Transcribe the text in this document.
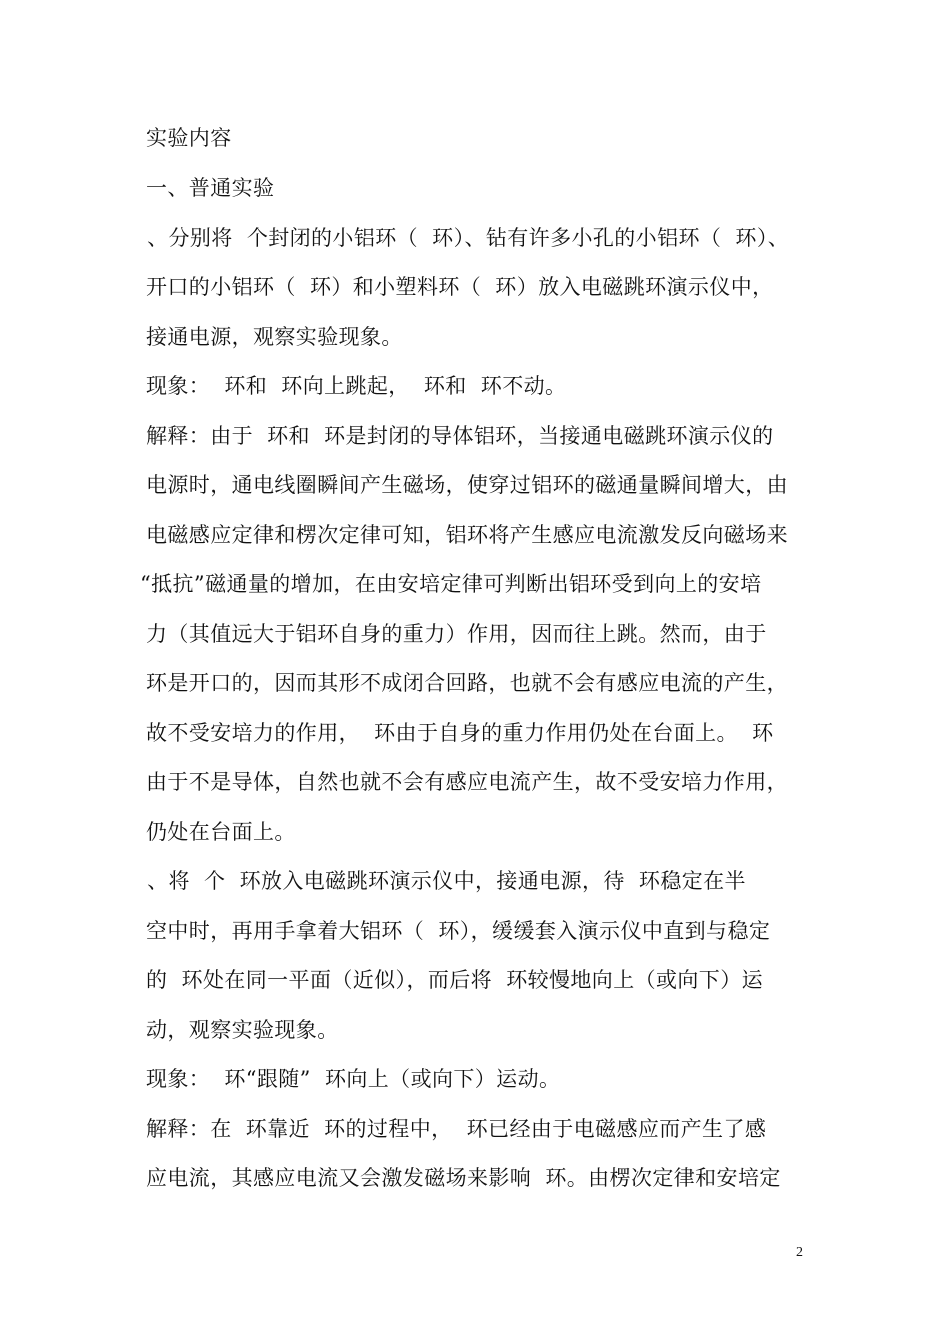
实验内容
一、普通实验
、分别将  个封闭的小铝环（  环）、钻有许多小孔的小铝环（  环）、
开口的小铝环（  环）和小塑料环（  环）放入电磁跳环演示仪中，
接通电源，观察实验现象。
现象：  环和  环向上跳起，  环和  环不动。
解释：由于  环和  环是封闭的导体铝环，当接通电磁跳环演示仪的
电源时，通电线圈瞬间产生磁场，使穿过铝环的磁通量瞬间增大，由
电磁感应定律和楞次定律可知，铝环将产生感应电流激发反向磁场来
“抵抗”磁通量的增加，在由安培定律可判断出铝环受到向上的安培
力（其值远大于铝环自身的重力）作用，因而往上跳。然而，由于
环是开口的，因而其形不成闭合回路，也就不会有感应电流的产生，
故不受安培力的作用，  环由于自身的重力作用仍处在台面上。  环
由于不是导体，自然也就不会有感应电流产生，故不受安培力作用，
仍处在台面上。
、将  个  环放入电磁跳环演示仪中，接通电源，待  环稳定在半
空中时，再用手拿着大铝环（  环），缓缓套入演示仪中直到与稳定
的  环处在同一平面（近似），而后将  环较慢地向上（或向下）运
动，观察实验现象。
现象：  环“跟随”  环向上（或向下）运动。
解释：在  环靠近  环的过程中，  环已经由于电磁感应而产生了感
应电流，其感应电流又会激发磁场来影响  环。由楞次定律和安培定
2
